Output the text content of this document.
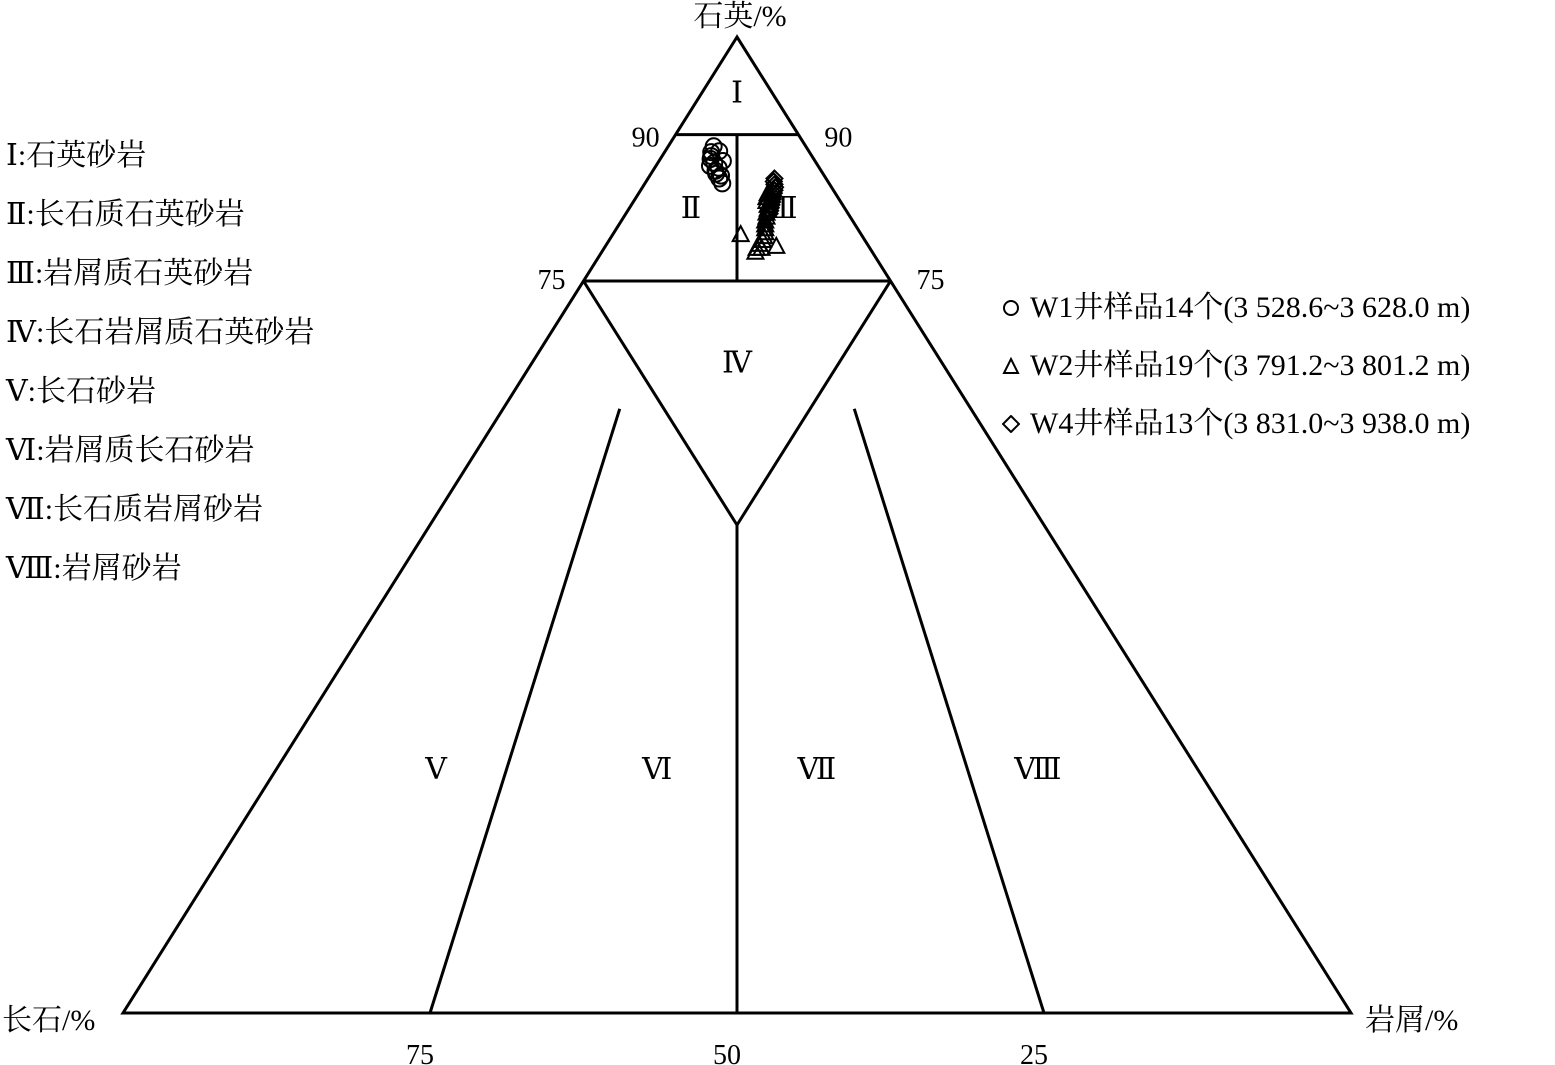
石英/%
长石/%	岩屑/%
90	90
75	75
75	50	25
Ⅰ
Ⅱ Ⅲ
Ⅳ
Ⅴ	Ⅵ	Ⅶ	Ⅷ
Ⅰ:石英砂岩
Ⅱ:长石质石英砂岩
Ⅲ:岩屑质石英砂岩
Ⅳ:长石岩屑质石英砂岩
Ⅴ:长石砂岩
Ⅵ:岩屑质长石砂岩
Ⅶ:长石质岩屑砂岩
Ⅷ:岩屑砂岩
W1井样品14个(3 528.6~3 628.0 m)
W2井样品19个(3 791.2~3 801.2 m)
W4井样品13个(3 831.0~3 938.0 m)
